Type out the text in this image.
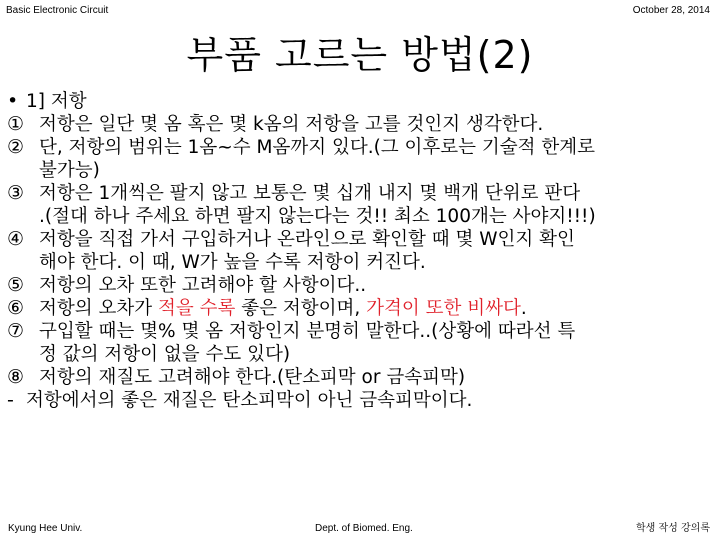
Basic Electronic Circuit	October 28, 2014
부품 고르는 방법(2)
• 1] 저항
① 저항은 일단 몇 옴 혹은 몇 k옴의 저항을 고를 것인지 생각한다.
② 단, 저항의 범위는 1옴~수 M옴까지 있다.(그 이후로는 기술적 한계로
불가능)
③ 저항은 1개씩은 팔지 않고 보통은 몇 십개 내지 몇 백개 단위로 판다
.(절대 하나 주세요 하면 팔지 않는다는 것!! 최소 100개는 사야지!!!)
④ 저항을 직접 가서 구입하거나 온라인으로 확인할 때 몇 W인지 확인
해야 한다. 이 때, W가 높을 수록 저항이 커진다.
⑤ 저항의 오차 또한 고려해야 할 사항이다..
⑥ 저항의 오차가 적을 수록 좋은 저항이며, 가격이 또한 비싸다.
⑦ 구입할 때는 몇% 몇 옴 저항인지 분명히 말한다..(상황에 따라선 특
정 값의 저항이 없을 수도 있다)
⑧ 저항의 재질도 고려해야 한다.(탄소피막 or 금속피막)
- 저항에서의 좋은 재질은 탄소피막이 아닌 금속피막이다.
Kyung Hee Univ.	Dept. of Biomed. Eng.	학생 작성 강의록
